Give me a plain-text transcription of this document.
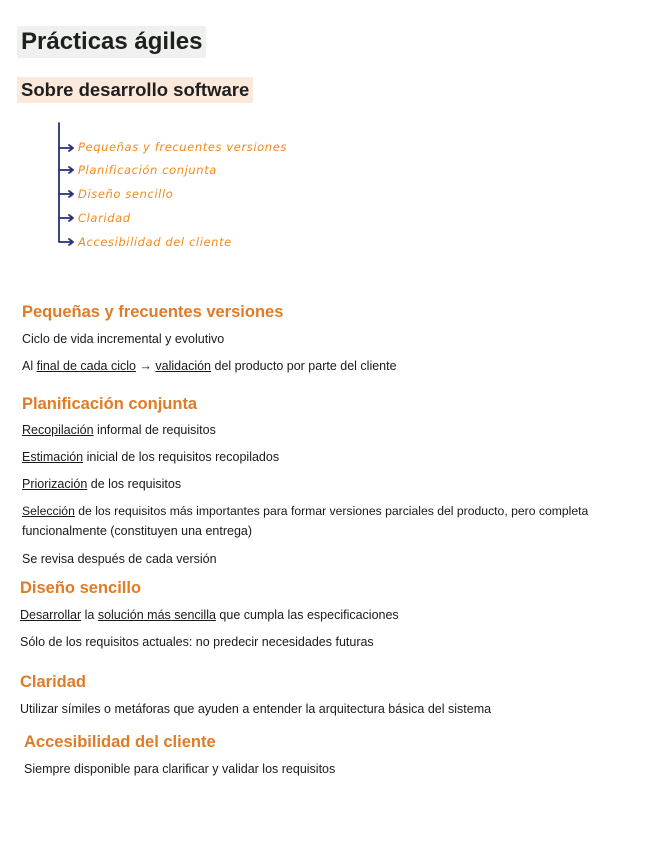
Prácticas ágiles
Sobre desarrollo software
Pequeñas y frecuentes versiones
Planificación conjunta
Diseño sencillo
Claridad
Accesibilidad del cliente
Pequeñas y frecuentes versiones
Ciclo de vida incremental y evolutivo
Al final de cada ciclo → validación del producto por parte del cliente
Planificación conjunta
Recopilación informal de requisitos
Estimación inicial de los requisitos recopilados
Priorización de los requisitos
Selección de los requisitos más importantes para formar versiones parciales del producto, pero completa
funcionalmente (constituyen una entrega)
Se revisa después de cada versión
Diseño sencillo
Desarrollar la solución más sencilla que cumpla las especificaciones
Sólo de los requisitos actuales: no predecir necesidades futuras
Claridad
Utilizar símiles o metáforas que ayuden a entender la arquitectura básica del sistema
Accesibilidad del cliente
Siempre disponible para clarificar y validar los requisitos
